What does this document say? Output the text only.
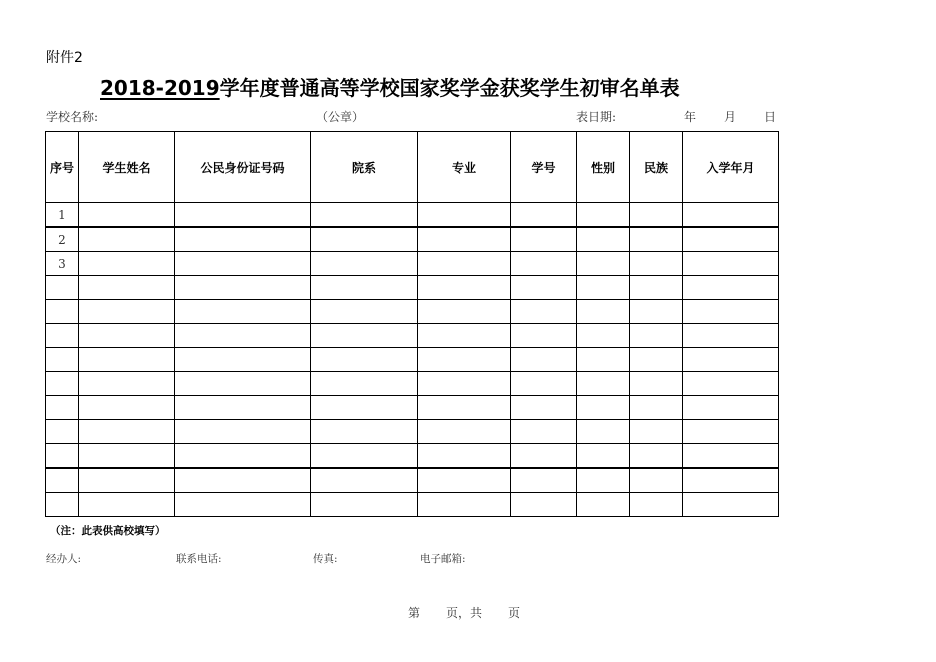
附件2
2018-2019学年度普通高等学校国家奖学金获奖学生初审名单表
学校名称:	（公章）	表日期:	年 月 日
序号	学生姓名	公民身份证号码	院系	专业	学号	性别	民族	入学年月
1								
2								
3								

（注：此表供高校填写）
经办人:	联系电话:	传真:	电子邮箱:
第 页，共 页
